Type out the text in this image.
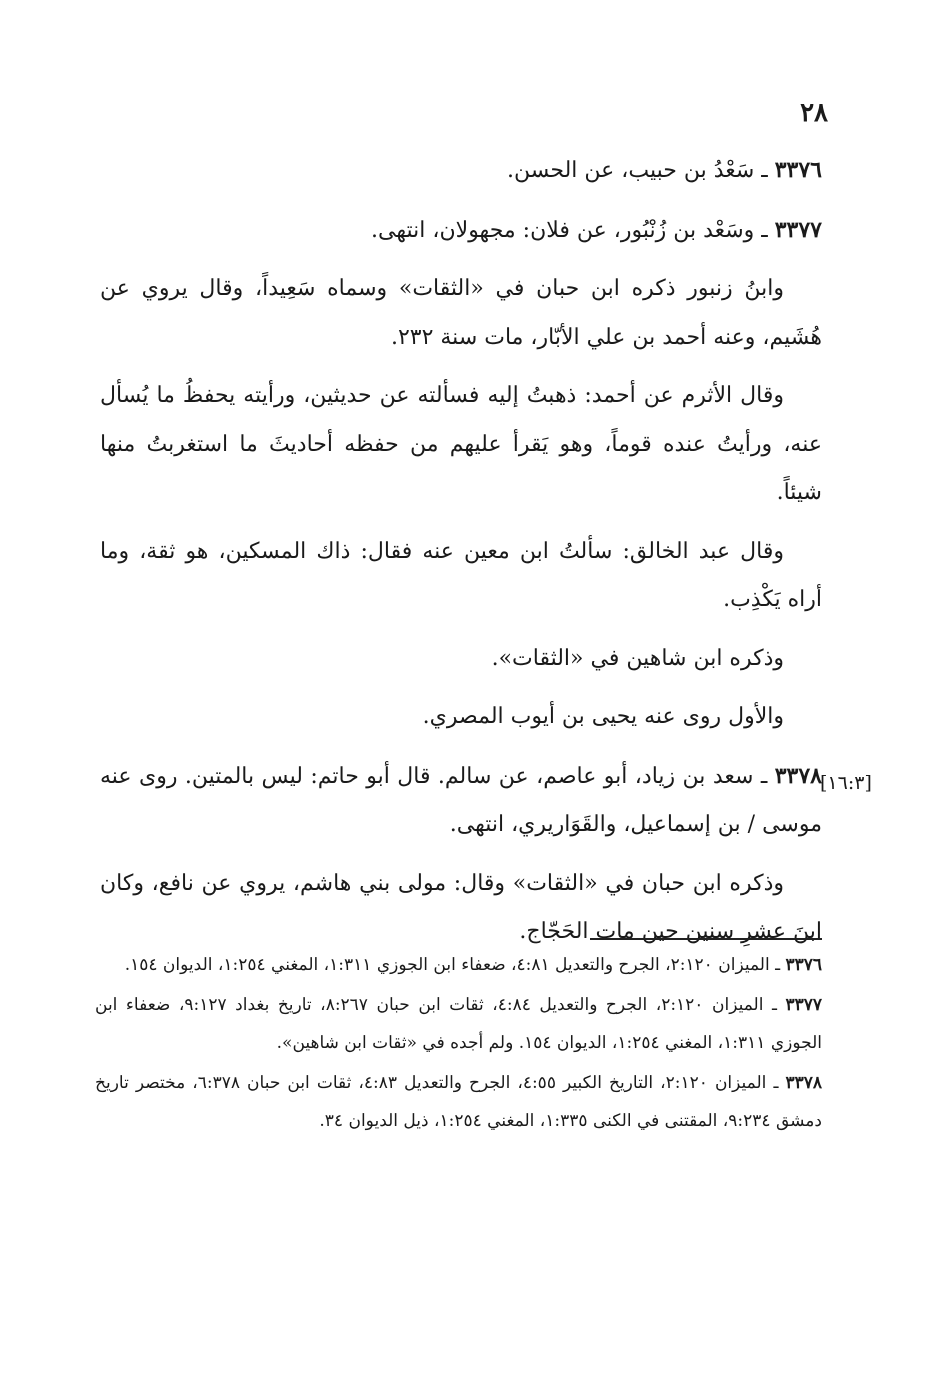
٢٨

٣٣٧٦ ـ سَعْدُ بن حبيب، عن الحسن.

٣٣٧٧ ـ وسَعْد بن زُنْبُور، عن فلان: مجهولان، انتهى.

وابنُ زنبور ذكره ابن حبان في «الثقات» وسماه سَعِيداً، وقال يروي عن هُشَيم، وعنه أحمد بن علي الأبّار، مات سنة ٢٣٢.

وقال الأثرم عن أحمد: ذهبتُ إليه فسألته عن حديثين، ورأيته يحفظُ ما يُسأل عنه، ورأيتُ عنده قوماً، وهو يَقرأ عليهم من حفظه أحاديثَ ما استغربتُ منها شيئاً.

وقال عبد الخالق: سألتُ ابن معين عنه فقال: ذاك المسكين، هو ثقة، وما أراه يَكْذِب.

وذكره ابن شاهين في «الثقات».

والأول روى عنه يحيى بن أيوب المصري.

٣٣٧٨ ـ سعد بن زياد، أبو عاصم، عن سالم. قال أبو حاتم: ليس بالمتين. روى عنه موسى / بن إسماعيل، والقَوَاريري، انتهى.

وذكره ابن حبان في «الثقات» وقال: مولى بني هاشم، يروي عن نافع، وكان ابنَ عشرِ سنين حين مات الحَجّاج.

[١٦:٣]

٣٣٧٦ ـ الميزان ٢:١٢٠، الجرح والتعديل ٤:٨١، ضعفاء ابن الجوزي ١:٣١١، المغني ١:٢٥٤، الديوان ١٥٤.

٣٣٧٧ ـ الميزان ٢:١٢٠، الجرح والتعديل ٤:٨٤، ثقات ابن حبان ٨:٢٦٧، تاريخ بغداد ٩:١٢٧، ضعفاء ابن الجوزي ١:٣١١، المغني ١:٢٥٤، الديوان ١٥٤. ولم أجده في «ثقات ابن شاهين».

٣٣٧٨ ـ الميزان ٢:١٢٠، التاريخ الكبير ٤:٥٥، الجرح والتعديل ٤:٨٣، ثقات ابن حبان ٦:٣٧٨، مختصر تاريخ دمشق ٩:٢٣٤، المقتنى في الكنى ١:٣٣٥، المغني ١:٢٥٤، ذيل الديوان ٣٤.
